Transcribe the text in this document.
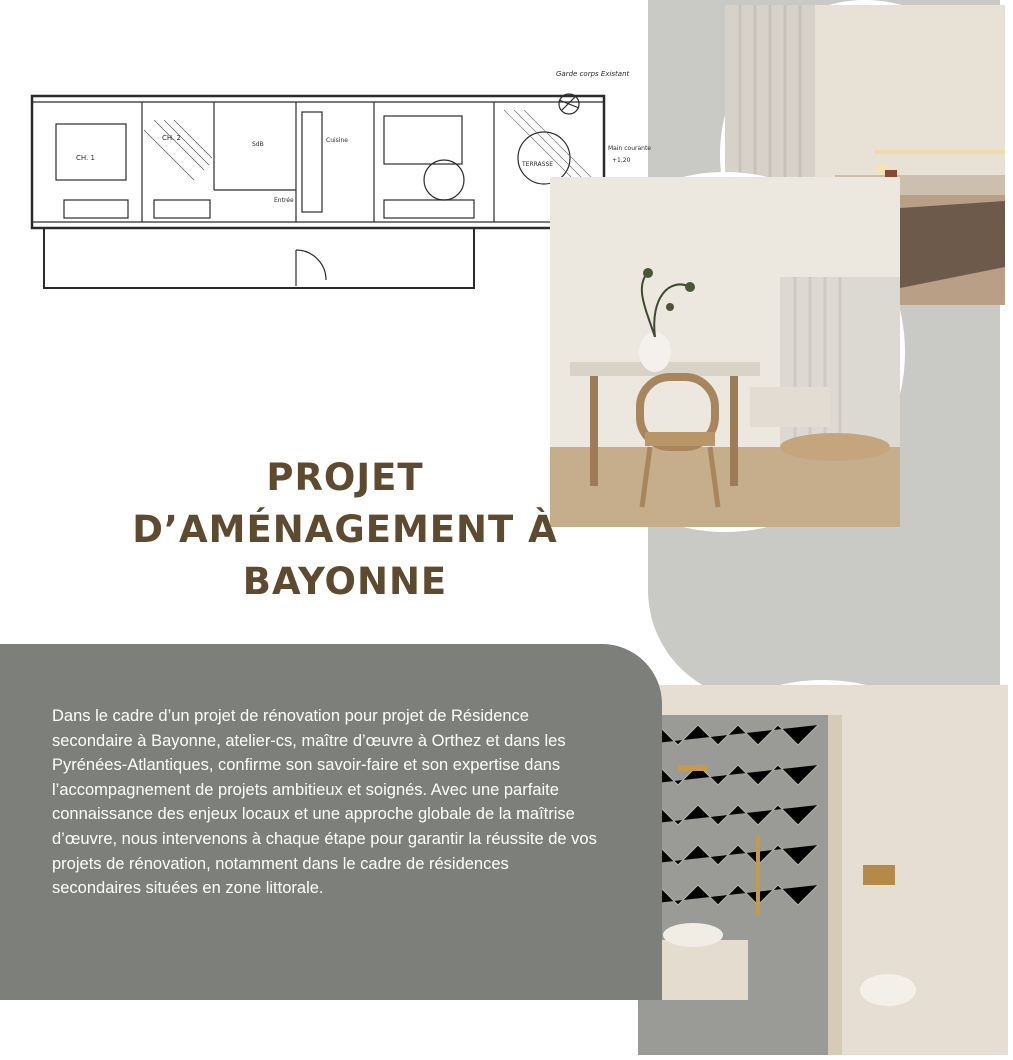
Garde corps Existant
CH. 1
CH. 2
SdB
Cuisine
TERRASSE
Entrée
Main courante
+1,20
PROJET
D’AMÉNAGEMENT À
BAYONNE

Dans le cadre d’un projet de rénovation pour projet de Résidence secondaire à Bayonne, atelier-cs, maître d’œuvre à Orthez et dans les Pyrénées-Atlantiques, confirme son savoir-faire et son expertise dans l’accompagnement de projets ambitieux et soignés. Avec une parfaite connaissance des enjeux locaux et une approche globale de la maîtrise d’œuvre, nous intervenons à chaque étape pour garantir la réussite de vos projets de rénovation, notamment dans le cadre de résidences secondaires situées en zone littorale.
